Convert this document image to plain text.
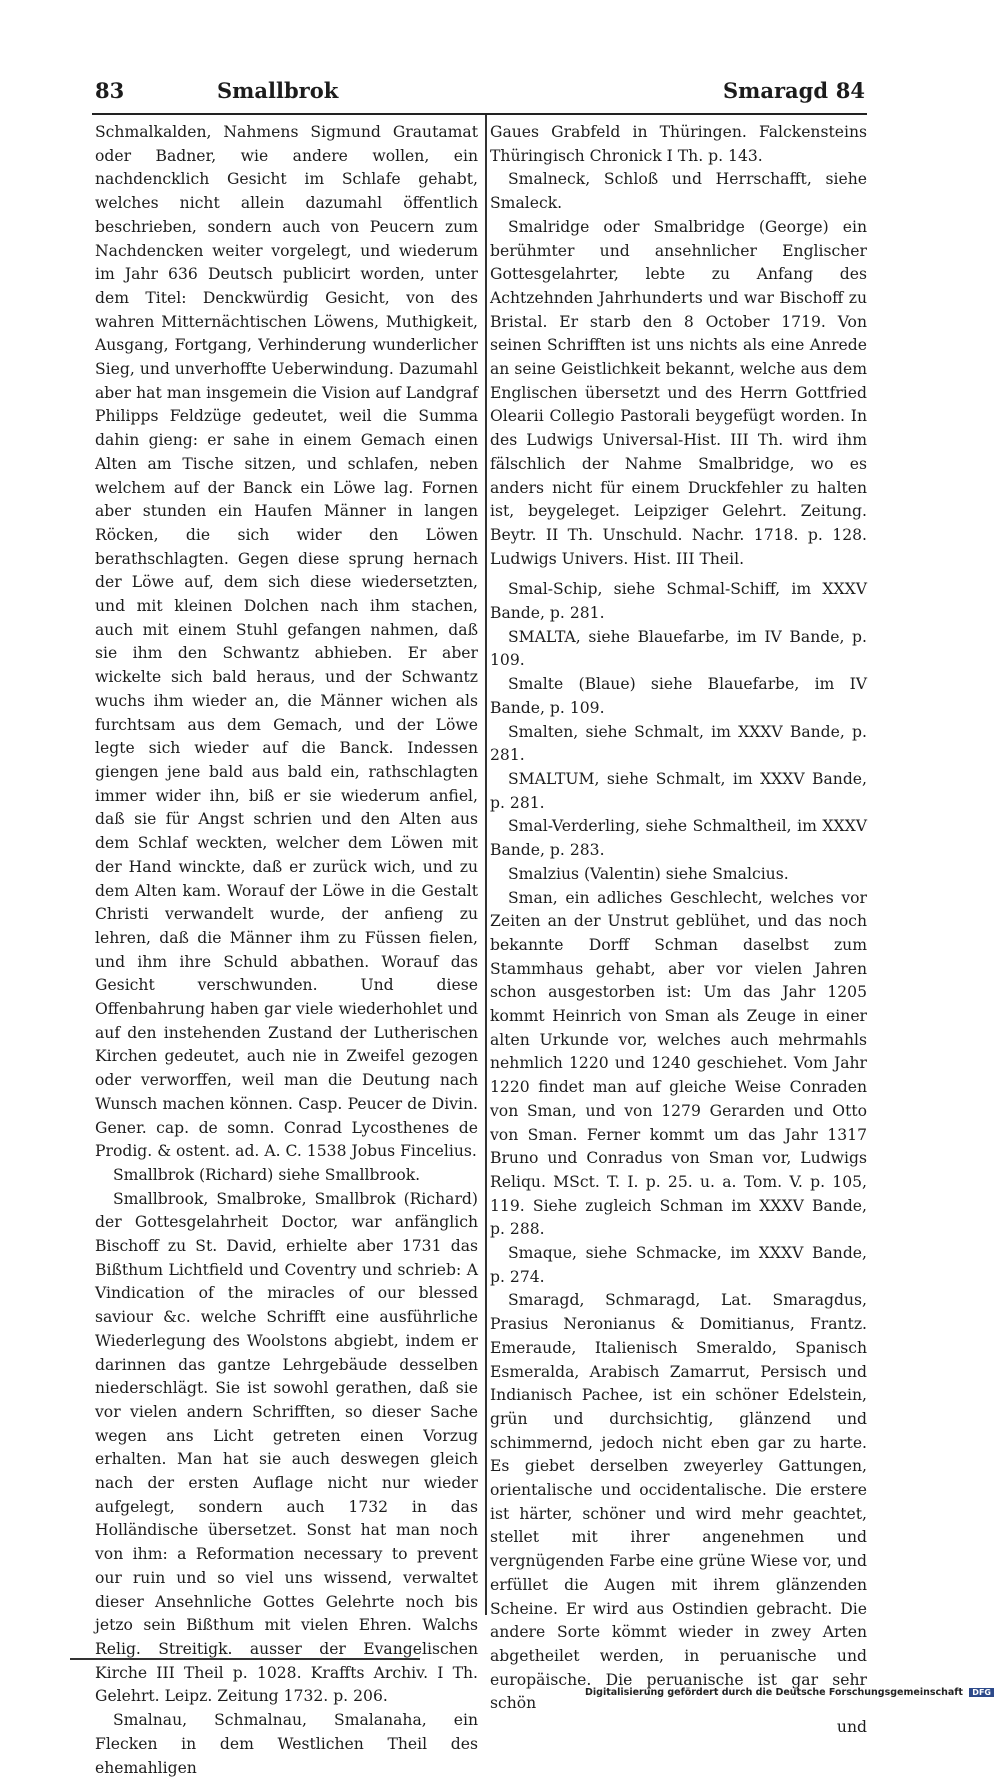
83	Smallbrok	Smaragd 84

Schmalkalden, Nahmens Sigmund Grautamat oder Badner, wie andere wollen, ein nachdencklich Gesicht im Schlafe gehabt, welches nicht allein dazumahl öffentlich beschrieben, sondern auch von Peucern zum Nachdencken weiter vorgelegt, und wiederum im Jahr 636 Deutsch publicirt worden, unter dem Titel: Denckwürdig Gesicht, von des wahren Mitternächtischen Löwens, Muthigkeit, Ausgang, Fortgang, Verhinderung wunderlicher Sieg, und unverhoffte Ueberwindung. Dazumahl aber hat man insgemein die Vision auf Landgraf Philipps Feldzüge gedeutet, weil die Summa dahin gieng: er sahe in einem Gemach einen Alten am Tische sitzen, und schlafen, neben welchem auf der Banck ein Löwe lag. Fornen aber stunden ein Haufen Männer in langen Röcken, die sich wider den Löwen berathschlagten. Gegen diese sprung hernach der Löwe auf, dem sich diese wiedersetzten, und mit kleinen Dolchen nach ihm stachen, auch mit einem Stuhl gefangen nahmen, daß sie ihm den Schwantz abhieben. Er aber wickelte sich bald heraus, und der Schwantz wuchs ihm wieder an, die Männer wichen als furchtsam aus dem Gemach, und der Löwe legte sich wieder auf die Banck. Indessen giengen jene bald aus bald ein, rathschlagten immer wider ihn, biß er sie wiederum anfiel, daß sie für Angst schrien und den Alten aus dem Schlaf weckten, welcher dem Löwen mit der Hand winckte, daß er zurück wich, und zu dem Alten kam. Worauf der Löwe in die Gestalt Christi verwandelt wurde, der anfieng zu lehren, daß die Männer ihm zu Füssen fielen, und ihm ihre Schuld abbathen. Worauf das Gesicht verschwunden. Und diese Offenbahrung haben gar viele wiederhohlet und auf den instehenden Zustand der Lutherischen Kirchen gedeutet, auch nie in Zweifel gezogen oder verworffen, weil man die Deutung nach Wunsch machen können. Casp. Peucer de Divin. Gener. cap. de somn. Conrad Lycosthenes de Prodig. & ostent. ad. A. C. 1538 Jobus Fincelius.

Smallbrok (Richard) siehe Smallbrook.

Smallbrook, Smalbroke, Smallbrok (Richard) der Gottesgelahrheit Doctor, war anfänglich Bischoff zu St. David, erhielte aber 1731 das Bißthum Lichtfield und Coventry und schrieb: A Vindication of the miracles of our blessed saviour &c. welche Schrifft eine ausführliche Wiederlegung des Woolstons abgiebt, indem er darinnen das gantze Lehrgebäude desselben niederschlägt. Sie ist sowohl gerathen, daß sie vor vielen andern Schrifften, so dieser Sache wegen ans Licht getreten einen Vorzug erhalten. Man hat sie auch deswegen gleich nach der ersten Auflage nicht nur wieder aufgelegt, sondern auch 1732 in das Holländische übersetzet. Sonst hat man noch von ihm: a Reformation necessary to prevent our ruin und so viel uns wissend, verwaltet dieser Ansehnliche Gottes Gelehrte noch bis jetzo sein Bißthum mit vielen Ehren. Walchs Relig. Streitigk. ausser der Evangelischen Kirche III Theil p. 1028. Kraffts Archiv. I Th. Gelehrt. Leipz. Zeitung 1732. p. 206.

Smalnau, Schmalnau, Smalanaha, ein Flecken in dem Westlichen Theil des ehemahligen

Gaues Grabfeld in Thüringen. Falckensteins Thüringisch Chronick I Th. p. 143.

Smalneck, Schloß und Herrschafft, siehe Smaleck.

Smalridge oder Smalbridge (George) ein berühmter und ansehnlicher Englischer Gottesgelahrter, lebte zu Anfang des Achtzehnden Jahrhunderts und war Bischoff zu Bristal. Er starb den 8 October 1719. Von seinen Schrifften ist uns nichts als eine Anrede an seine Geistlichkeit bekannt, welche aus dem Englischen übersetzt und des Herrn Gottfried Olearii Collegio Pastorali beygefügt worden. In des Ludwigs Universal-Hist. III Th. wird ihm fälschlich der Nahme Smalbridge, wo es anders nicht für einem Druckfehler zu halten ist, beygeleget. Leipziger Gelehrt. Zeitung. Beytr. II Th. Unschuld. Nachr. 1718. p. 128. Ludwigs Univers. Hist. III Theil.

Smal-Schip, siehe Schmal-Schiff, im XXXV Bande, p. 281.

SMALTA, siehe Blauefarbe, im IV Bande, p. 109.

Smalte (Blaue) siehe Blauefarbe, im IV Bande, p. 109.

Smalten, siehe Schmalt, im XXXV Bande, p. 281.

SMALTUM, siehe Schmalt, im XXXV Bande, p. 281.

Smal-Verderling, siehe Schmaltheil, im XXXV Bande, p. 283.

Smalzius (Valentin) siehe Smalcius.

Sman, ein adliches Geschlecht, welches vor Zeiten an der Unstrut geblühet, und das noch bekannte Dorff Schman daselbst zum Stammhaus gehabt, aber vor vielen Jahren schon ausgestorben ist: Um das Jahr 1205 kommt Heinrich von Sman als Zeuge in einer alten Urkunde vor, welches auch mehrmahls nehmlich 1220 und 1240 geschiehet. Vom Jahr 1220 findet man auf gleiche Weise Conraden von Sman, und von 1279 Gerarden und Otto von Sman. Ferner kommt um das Jahr 1317 Bruno und Conradus von Sman vor, Ludwigs Reliqu. MSct. T. I. p. 25. u. a. Tom. V. p. 105, 119. Siehe zugleich Schman im XXXV Bande, p. 288.

Smaque, siehe Schmacke, im XXXV Bande, p. 274.

Smaragd, Schmaragd, Lat. Smaragdus, Prasius Neronianus & Domitianus, Frantz. Emeraude, Italienisch Smeraldo, Spanisch Esmeralda, Arabisch Zamarrut, Persisch und Indianisch Pachee, ist ein schöner Edelstein, grün und durchsichtig, glänzend und schimmernd, jedoch nicht eben gar zu harte. Es giebet derselben zweyerley Gattungen, orientalische und occidentalische. Die erstere ist härter, schöner und wird mehr geachtet, stellet mit ihrer angenehmen und vergnügenden Farbe eine grüne Wiese vor, und erfüllet die Augen mit ihrem glänzenden Scheine. Er wird aus Ostindien gebracht. Die andere Sorte kömmt wieder in zwey Arten abgetheilet werden, in peruanische und europäische. Die peruanische ist gar sehr schön

und

Digitalisierung gefördert durch die Deutsche Forschungsgemeinschaft DFG
